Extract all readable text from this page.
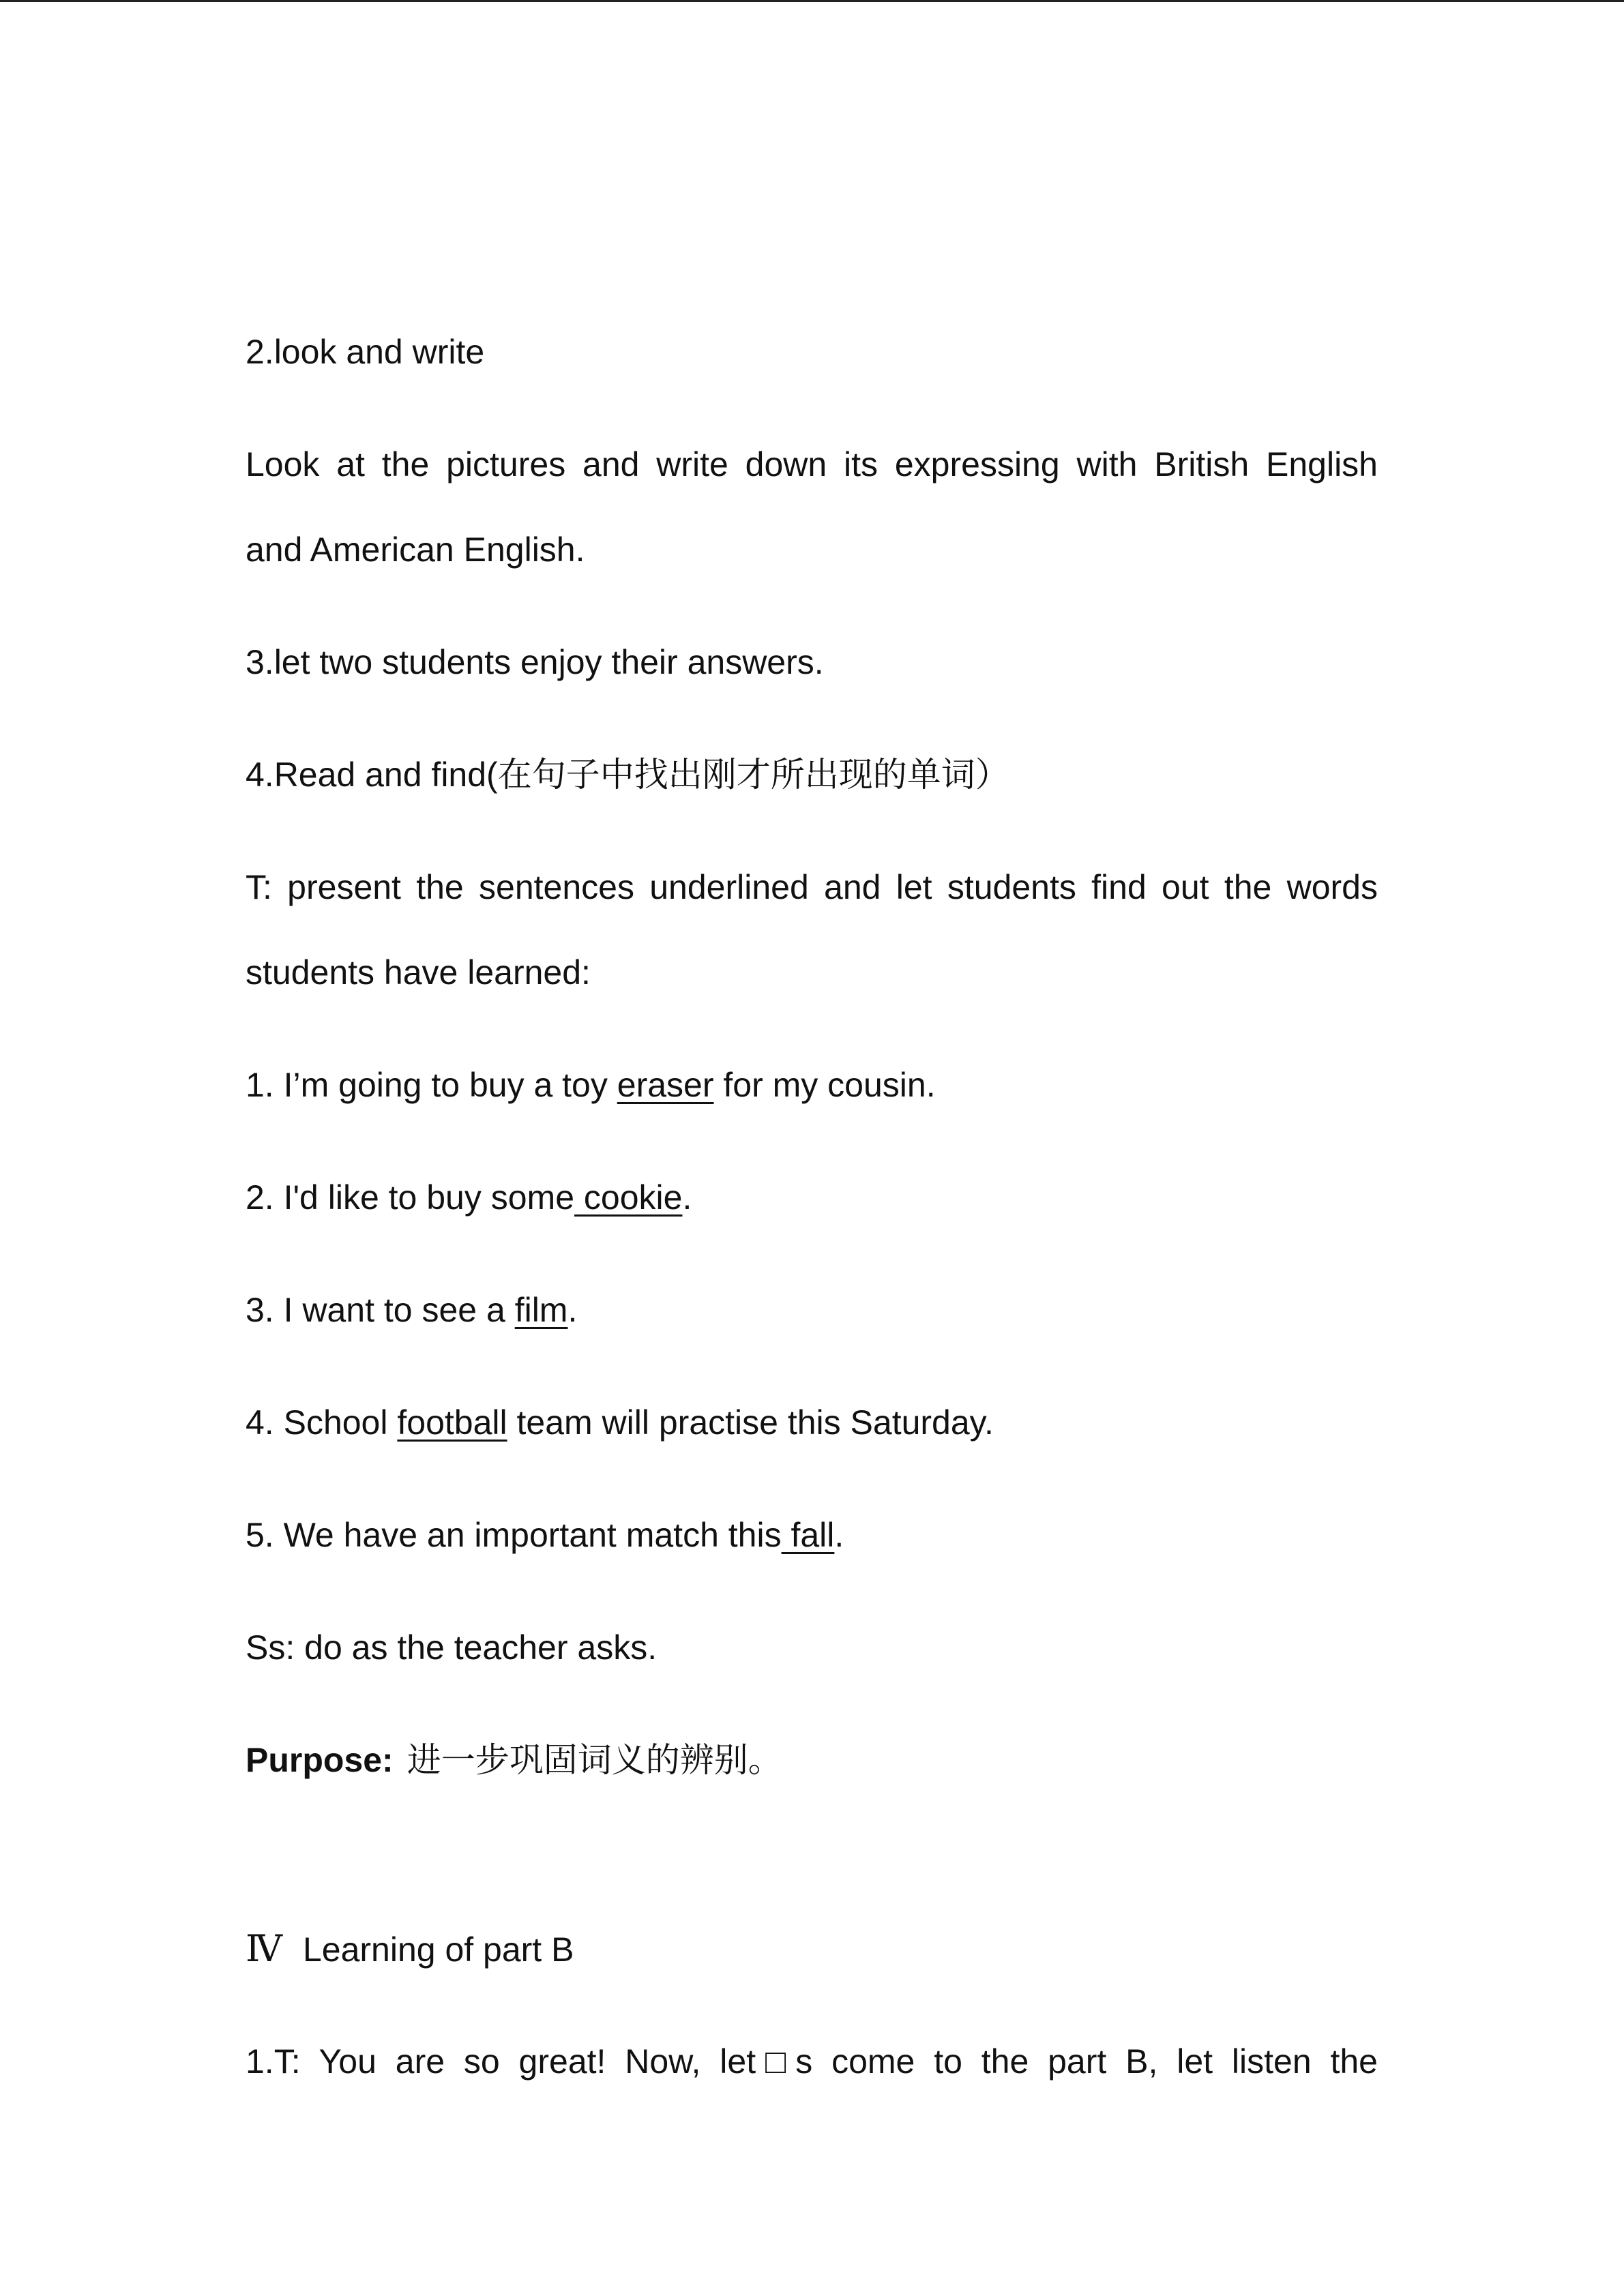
2.look and write
Look at the pictures and write down its expressing with British English
and American English.
3.let two students enjoy their answers.
4.Read and find(在句子中找出刚才所出现的单词）
T: present the sentences underlined and let students find out the words
students have learned:
1. I’m going to buy a toy eraser for my cousin.
2. I'd like to buy some cookie.
3. I want to see a film.
4. School football team will practise this Saturday.
5. We have an important match this fall.
Ss: do as the teacher asks.
Purpose: 进一步巩固词义的辨别。
Ⅳ Learning of part B
1.T: You are so great! Now, let□s come to the part B, let listen the
